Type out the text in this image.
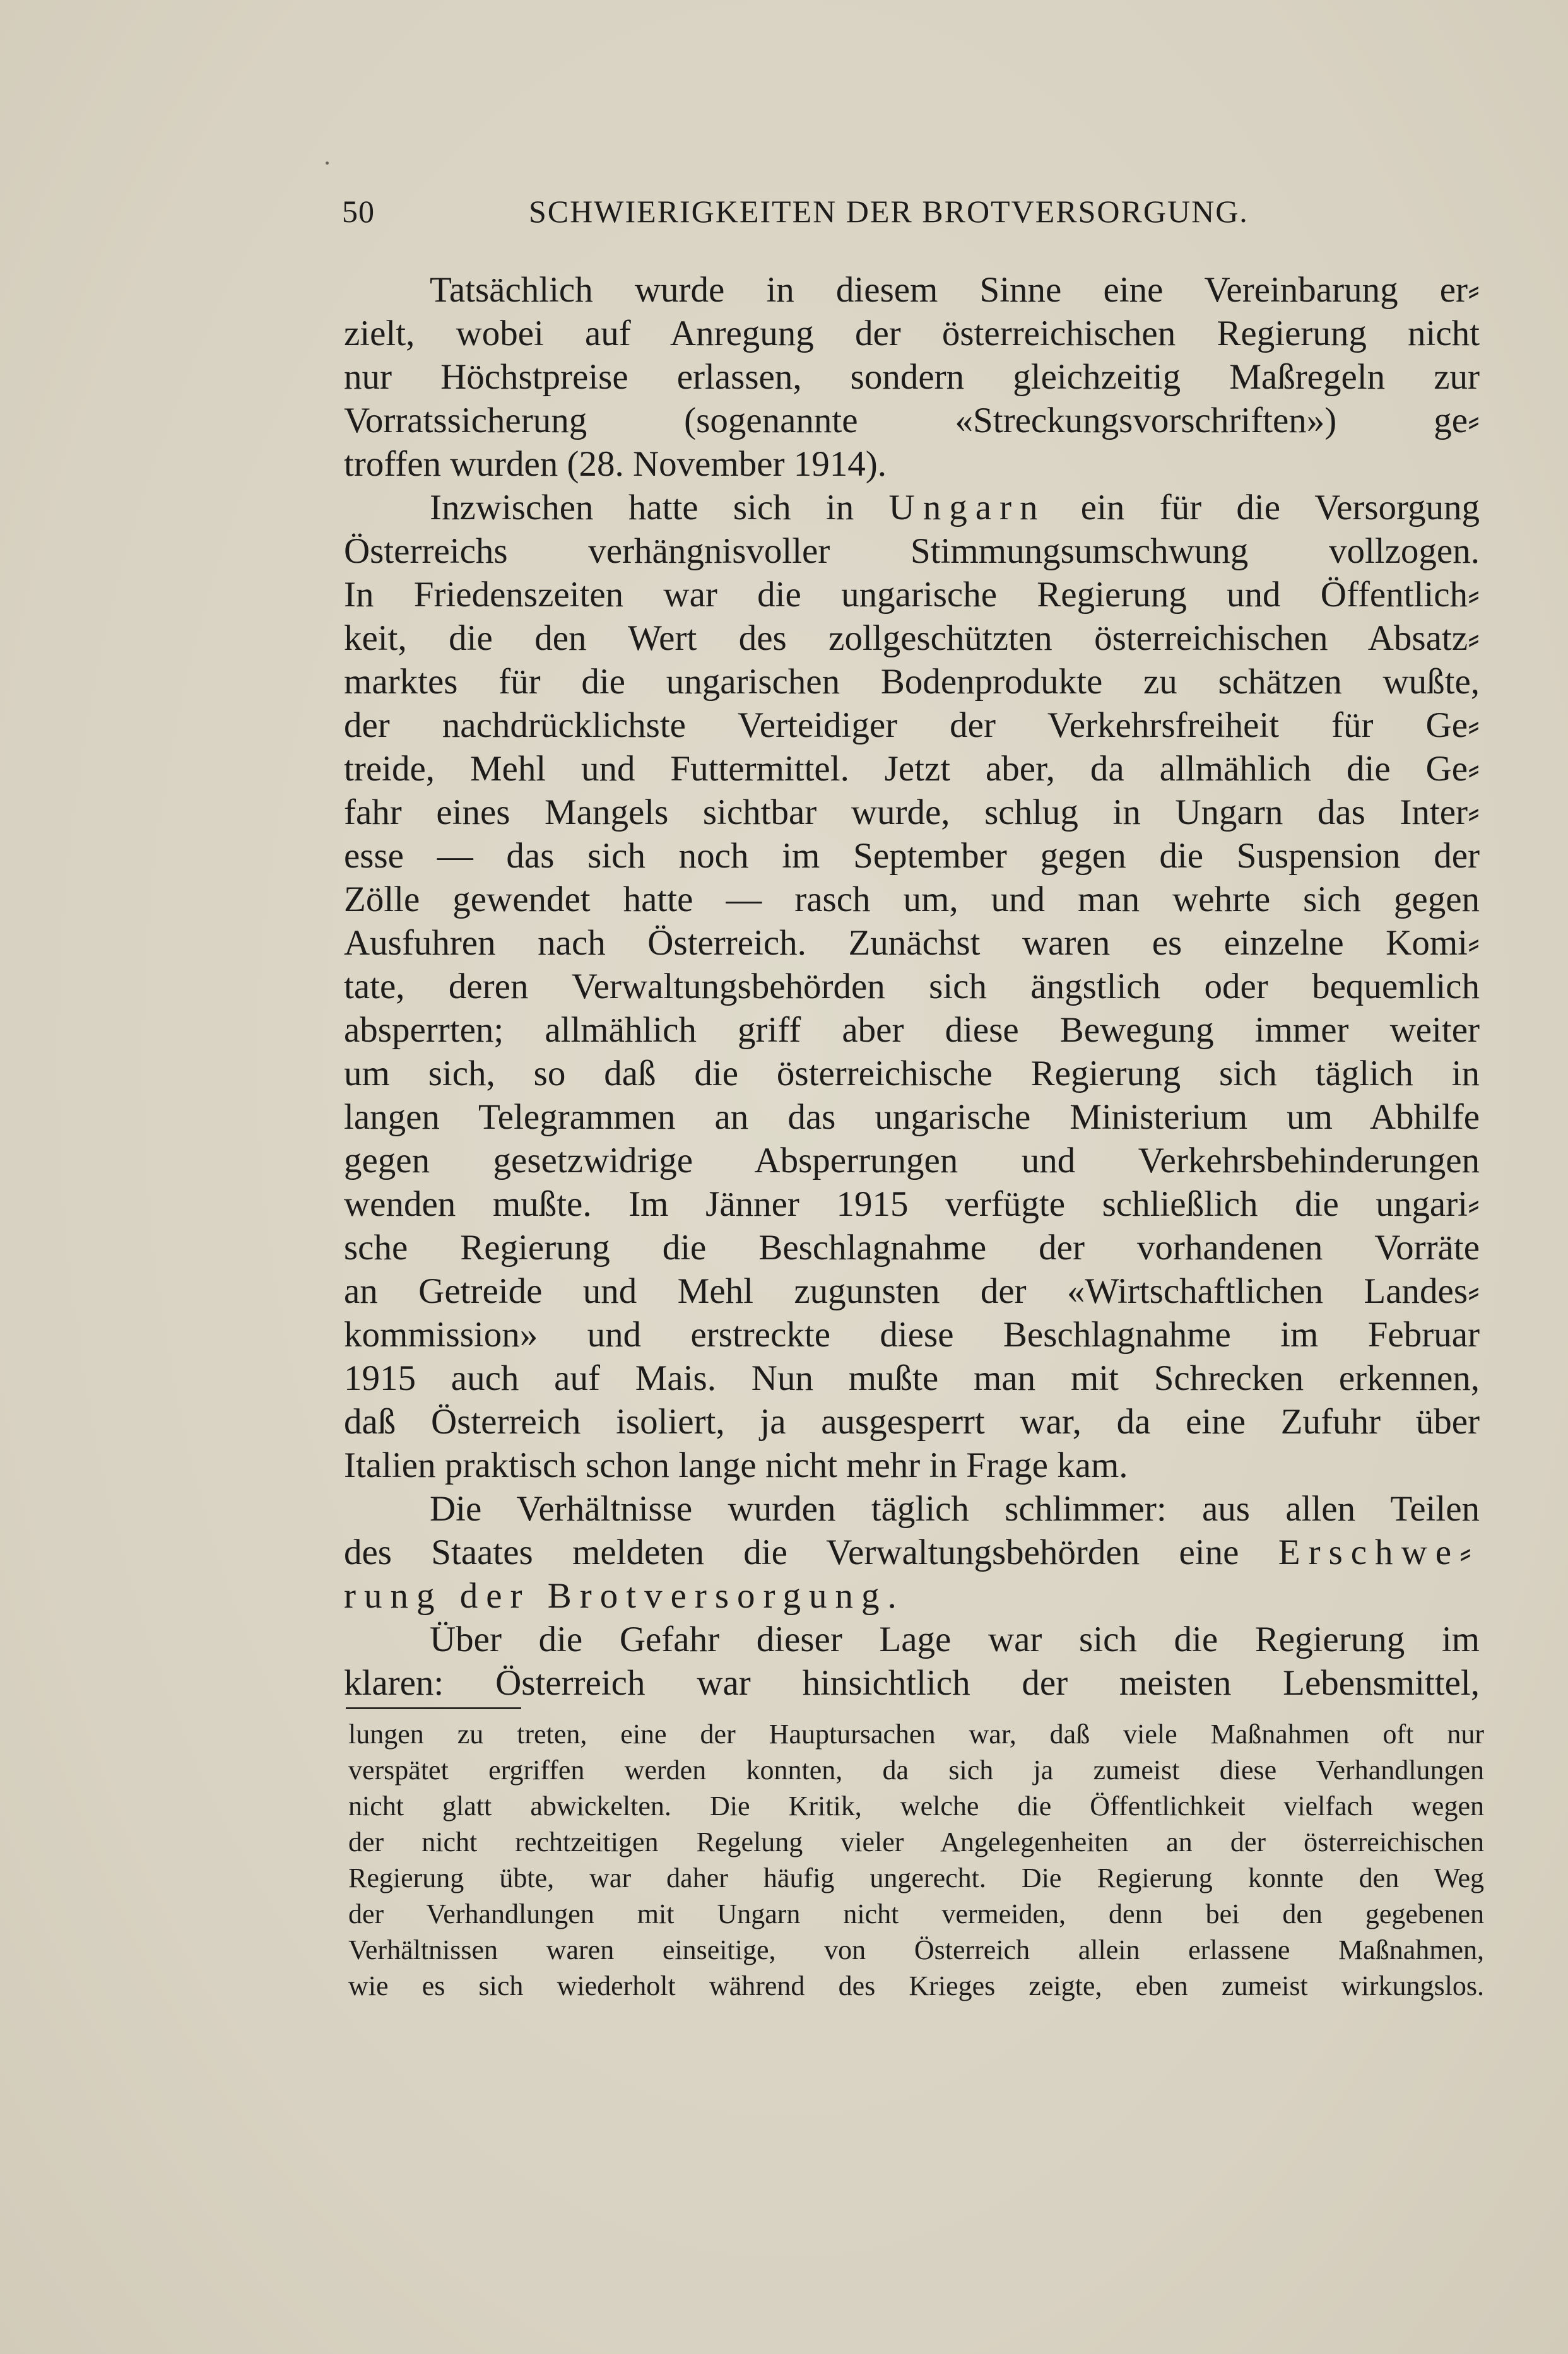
50	SCHWIERIGKEITEN DER BROTVERSORGUNG.
Tatsächlich wurde in diesem Sinne eine Vereinbarung er⸗
zielt, wobei auf Anregung der österreichischen Regierung nicht
nur Höchstpreise erlassen, sondern gleichzeitig Maßregeln zur
Vorratssicherung (sogenannte «Streckungsvorschriften») ge⸗
troffen wurden (28. November 1914).
Inzwischen hatte sich in Ungarn ein für die Versorgung
Österreichs verhängnisvoller Stimmungsumschwung vollzogen.
In Friedenszeiten war die ungarische Regierung und Öffentlich⸗
keit, die den Wert des zollgeschützten österreichischen Absatz⸗
marktes für die ungarischen Bodenprodukte zu schätzen wußte,
der nachdrücklichste Verteidiger der Verkehrsfreiheit für Ge⸗
treide, Mehl und Futtermittel. Jetzt aber, da allmählich die Ge⸗
fahr eines Mangels sichtbar wurde, schlug in Ungarn das Inter⸗
esse — das sich noch im September gegen die Suspension der
Zölle gewendet hatte — rasch um, und man wehrte sich gegen
Ausfuhren nach Österreich. Zunächst waren es einzelne Komi⸗
tate, deren Verwaltungsbehörden sich ängstlich oder bequemlich
absperrten; allmählich griff aber diese Bewegung immer weiter
um sich, so daß die österreichische Regierung sich täglich in
langen Telegrammen an das ungarische Ministerium um Abhilfe
gegen gesetzwidrige Absperrungen und Verkehrsbehinderungen
wenden mußte. Im Jänner 1915 verfügte schließlich die ungari⸗
sche Regierung die Beschlagnahme der vorhandenen Vorräte
an Getreide und Mehl zugunsten der «Wirtschaftlichen Landes⸗
kommission» und erstreckte diese Beschlagnahme im Februar
1915 auch auf Mais. Nun mußte man mit Schrecken erkennen,
daß Österreich isoliert, ja ausgesperrt war, da eine Zufuhr über
Italien praktisch schon lange nicht mehr in Frage kam.
Die Verhältnisse wurden täglich schlimmer: aus allen Teilen
des Staates meldeten die Verwaltungsbehörden eine Erschwe⸗
rung der Brotversorgung.
Über die Gefahr dieser Lage war sich die Regierung im
klaren: Österreich war hinsichtlich der meisten Lebensmittel,
lungen zu treten, eine der Hauptursachen war, daß viele Maßnahmen oft nur
verspätet ergriffen werden konnten, da sich ja zumeist diese Verhandlungen
nicht glatt abwickelten. Die Kritik, welche die Öffentlichkeit vielfach wegen
der nicht rechtzeitigen Regelung vieler Angelegenheiten an der österreichischen
Regierung übte, war daher häufig ungerecht. Die Regierung konnte den Weg
der Verhandlungen mit Ungarn nicht vermeiden, denn bei den gegebenen
Verhältnissen waren einseitige, von Österreich allein erlassene Maßnahmen,
wie es sich wiederholt während des Krieges zeigte, eben zumeist wirkungslos.
